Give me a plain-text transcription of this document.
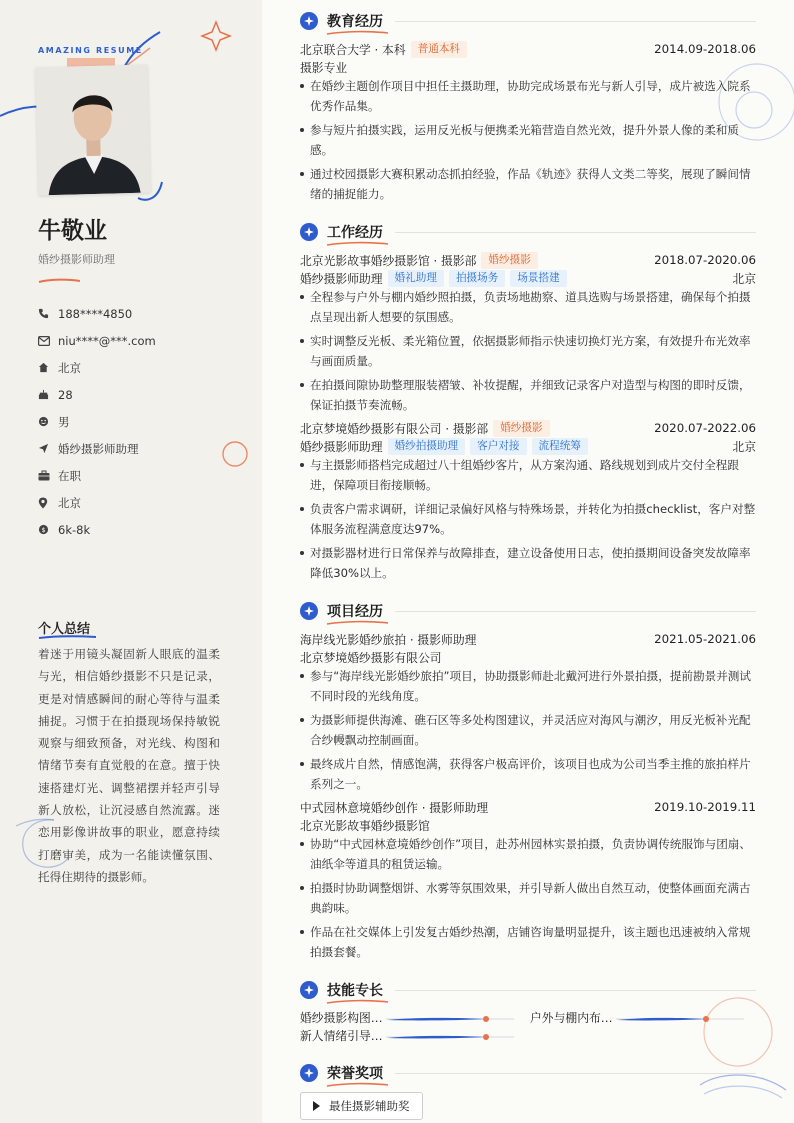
AMAZING RESUME
牛敬业
婚纱摄影师助理
188****4850
niu****@***.com
北京
28
男
婚纱摄影师助理
在职
北京
$ 6k-8k
个人总结
着迷于用镜头凝固新人眼底的温柔与光，相信婚纱摄影不只是记录，更是对情感瞬间的耐心等待与温柔捕捉。习惯于在拍摄现场保持敏锐观察与细致预备，对光线、构图和情绪节奏有直觉般的在意。擅于快速搭建灯光、调整裙摆并轻声引导新人放松，让沉浸感自然流露。迷恋用影像讲故事的职业，愿意持续打磨审美，成为一名能读懂氛围、托得住期待的摄影师。
教育经历
北京联合大学 · 本科	普通本科	2014.09-2018.06
摄影专业
在婚纱主题创作项目中担任主摄助理，协助完成场景布光与新人引导，成片被选入院系优秀作品集。
参与短片拍摄实践，运用反光板与便携柔光箱营造自然光效，提升外景人像的柔和质感。
通过校园摄影大赛积累动态抓拍经验，作品《轨迹》获得人文类二等奖，展现了瞬间情绪的捕捉能力。
工作经历
北京光影故事婚纱摄影馆 · 摄影部	婚纱摄影	2018.07-2020.06
婚纱摄影师助理	婚礼助理	拍摄场务	场景搭建	北京
全程参与户外与棚内婚纱照拍摄，负责场地勘察、道具选购与场景搭建，确保每个拍摄点呈现出新人想要的氛围感。
实时调整反光板、柔光箱位置，依据摄影师指示快速切换灯光方案，有效提升布光效率与画面质量。
在拍摄间隙协助整理服装褶皱、补妆提醒，并细致记录客户对造型与构图的即时反馈，保证拍摄节奏流畅。
北京梦境婚纱摄影有限公司 · 摄影部	婚纱摄影	2020.07-2022.06
婚纱摄影师助理	婚纱拍摄助理	客户对接	流程统筹	北京
与主摄影师搭档完成超过八十组婚纱客片，从方案沟通、路线规划到成片交付全程跟进，保障项目衔接顺畅。
负责客户需求调研，详细记录偏好风格与特殊场景，并转化为拍摄checklist，客户对整体服务流程满意度达97%。
对摄影器材进行日常保养与故障排查，建立设备使用日志，使拍摄期间设备突发故障率降低30%以上。
项目经历
海岸线光影婚纱旅拍 · 摄影师助理	2021.05-2021.06
北京梦境婚纱摄影有限公司
参与“海岸线光影婚纱旅拍”项目，协助摄影师赴北戴河进行外景拍摄，提前勘景并测试不同时段的光线角度。
为摄影师提供海滩、礁石区等多处构图建议，并灵活应对海风与潮汐，用反光板补光配合纱幔飘动控制画面。
最终成片自然，情感饱满，获得客户极高评价，该项目也成为公司当季主推的旅拍样片系列之一。
中式园林意境婚纱创作 · 摄影师助理	2019.10-2019.11
北京光影故事婚纱摄影馆
协助“中式园林意境婚纱创作”项目，赴苏州园林实景拍摄，负责协调传统服饰与团扇、油纸伞等道具的租赁运输。
拍摄时协助调整烟饼、水雾等氛围效果，并引导新人做出自然互动，使整体画面充满古典韵味。
作品在社交媒体上引发复古婚纱热潮，店铺咨询量明显提升，该主题也迅速被纳入常规拍摄套餐。
技能专长
婚纱摄影构图…	户外与棚内布…
新人情绪引导…
荣誉奖项
最佳摄影辅助奖
